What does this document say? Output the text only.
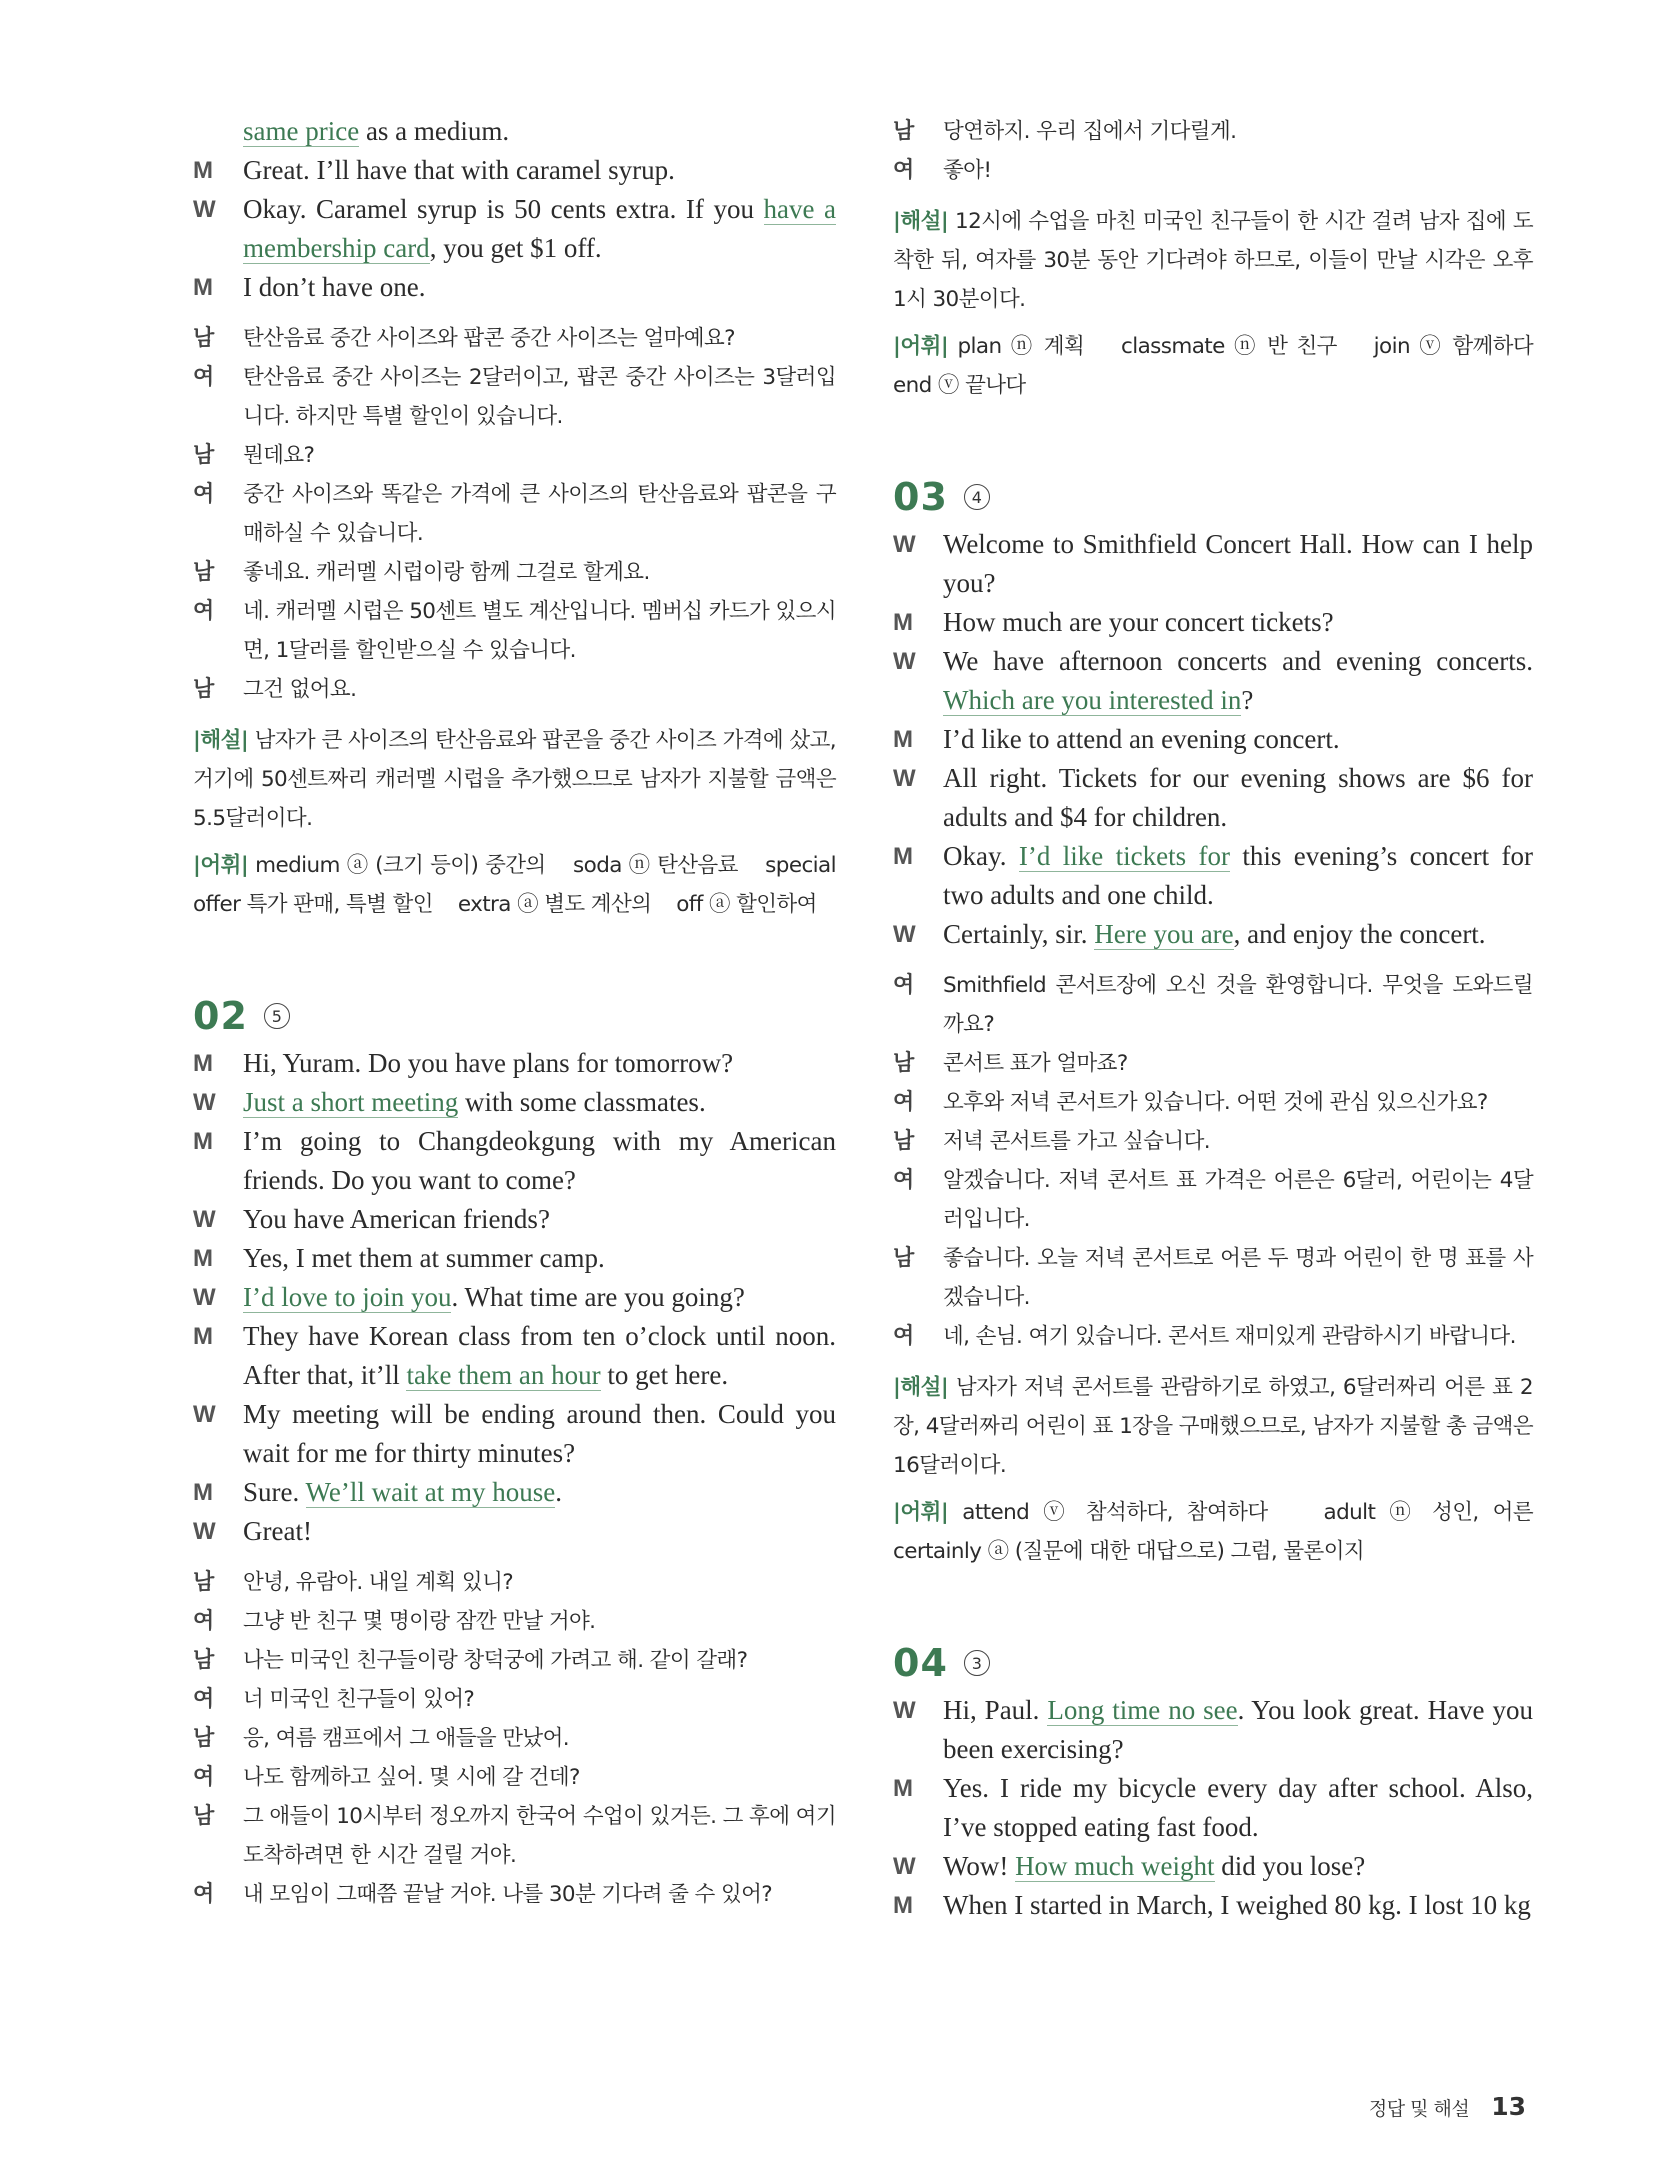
same price as a medium.
M	Great. I’ll have that with caramel syrup.
W	Okay. Caramel syrup is 50 cents extra. If you have a membership card, you get $1 off.
M	I don’t have one.
남	탄산음료 중간 사이즈와 팝콘 중간 사이즈는 얼마예요?
여	탄산음료 중간 사이즈는 2달러이고, 팝콘 중간 사이즈는 3달러입니다. 하지만 특별 할인이 있습니다.
남	뭔데요?
여	중간 사이즈와 똑같은 가격에 큰 사이즈의 탄산음료와 팝콘을 구매하실 수 있습니다.
남	좋네요. 캐러멜 시럽이랑 함께 그걸로 할게요.
여	네. 캐러멜 시럽은 50센트 별도 계산입니다. 멤버십 카드가 있으시면, 1달러를 할인받으실 수 있습니다.
남	그건 없어요.
|해설| 남자가 큰 사이즈의 탄산음료와 팝콘을 중간 사이즈 가격에 샀고, 거기에 50센트짜리 캐러멜 시럽을 추가했으므로 남자가 지불할 금액은 5.5달러이다.
|어휘| medium ⓐ (크기 등이) 중간의    soda ⓝ 탄산음료    special offer 특가 판매, 특별 할인    extra ⓐ 별도 계산의    off ⓐ 할인하여
02	5
M	Hi, Yuram. Do you have plans for tomorrow?
W	Just a short meeting with some classmates.
M	I’m going to Changdeokgung with my American friends. Do you want to come?
W	You have American friends?
M	Yes, I met them at summer camp.
W	I’d love to join you. What time are you going?
M	They have Korean class from ten o’clock until noon. After that, it’ll take them an hour to get here.
W	My meeting will be ending around then. Could you wait for me for thirty minutes?
M	Sure. We’ll wait at my house.
W	Great!
남	안녕, 유람아. 내일 계획 있니?
여	그냥 반 친구 몇 명이랑 잠깐 만날 거야.
남	나는 미국인 친구들이랑 창덕궁에 가려고 해. 같이 갈래?
여	너 미국인 친구들이 있어?
남	응, 여름 캠프에서 그 애들을 만났어.
여	나도 함께하고 싶어. 몇 시에 갈 건데?
남	그 애들이 10시부터 정오까지 한국어 수업이 있거든. 그 후에 여기 도착하려면 한 시간 걸릴 거야.
여	내 모임이 그때쯤 끝날 거야. 나를 30분 기다려 줄 수 있어?
남	당연하지. 우리 집에서 기다릴게.
여	좋아!
|해설| 12시에 수업을 마친 미국인 친구들이 한 시간 걸려 남자 집에 도착한 뒤, 여자를 30분 동안 기다려야 하므로, 이들이 만날 시각은 오후 1시 30분이다.
|어휘| plan ⓝ 계획    classmate ⓝ 반 친구    join ⓥ 함께하다    end ⓥ 끝나다
03	4
W	Welcome to Smithfield Concert Hall. How can I help you?
M	How much are your concert tickets?
W	We have afternoon concerts and evening concerts. Which are you interested in?
M	I’d like to attend an evening concert.
W	All right. Tickets for our evening shows are $6 for adults and $4 for children.
M	Okay. I’d like tickets for this evening’s concert for two adults and one child.
W	Certainly, sir. Here you are, and enjoy the concert.
여	Smithfield 콘서트장에 오신 것을 환영합니다. 무엇을 도와드릴까요?
남	콘서트 표가 얼마죠?
여	오후와 저녁 콘서트가 있습니다. 어떤 것에 관심 있으신가요?
남	저녁 콘서트를 가고 싶습니다.
여	알겠습니다. 저녁 콘서트 표 가격은 어른은 6달러, 어린이는 4달러입니다.
남	좋습니다. 오늘 저녁 콘서트로 어른 두 명과 어린이 한 명 표를 사겠습니다.
여	네, 손님. 여기 있습니다. 콘서트 재미있게 관람하시기 바랍니다.
|해설| 남자가 저녁 콘서트를 관람하기로 하였고, 6달러짜리 어른 표 2장, 4달러짜리 어린이 표 1장을 구매했으므로, 남자가 지불할 총 금액은 16달러이다.
|어휘| attend ⓥ 참석하다, 참여하다    adult ⓝ 성인, 어른    certainly ⓐ (질문에 대한 대답으로) 그럼, 물론이지
04	3
W	Hi, Paul. Long time no see. You look great. Have you been exercising?
M	Yes. I ride my bicycle every day after school. Also, I’ve stopped eating fast food.
W	Wow! How much weight did you lose?
M	When I started in March, I weighed 80 kg. I lost 10 kg
정답 및 해설 13
